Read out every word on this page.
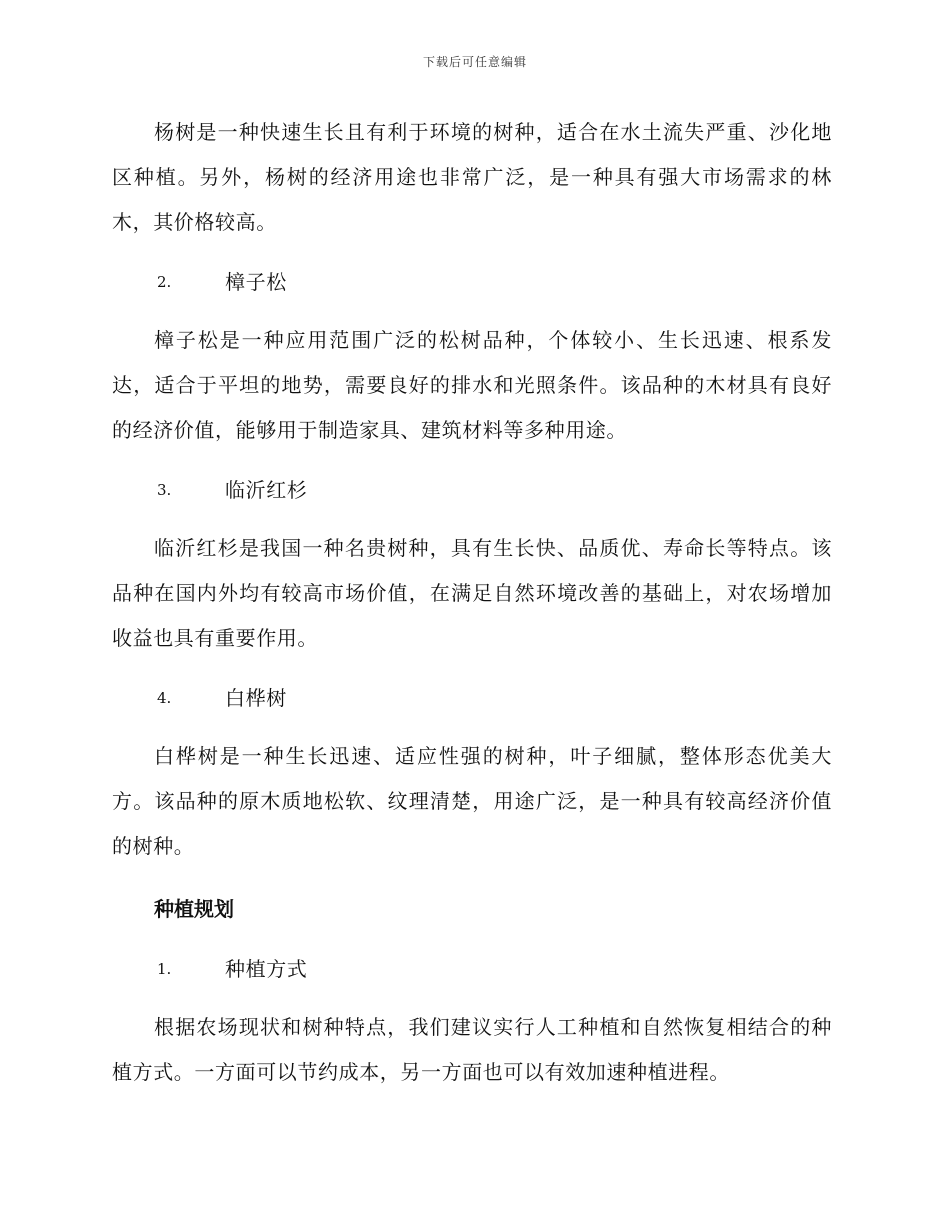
下载后可任意编辑

杨树是一种快速生长且有利于环境的树种，适合在水土流失严重、沙化地区种植。另外，杨树的经济用途也非常广泛，是一种具有强大市场需求的林木，其价格较高。

2.	樟子松

樟子松是一种应用范围广泛的松树品种，个体较小、生长迅速、根系发达，适合于平坦的地势，需要良好的排水和光照条件。该品种的木材具有良好的经济价值，能够用于制造家具、建筑材料等多种用途。

3.	临沂红杉

临沂红杉是我国一种名贵树种，具有生长快、品质优、寿命长等特点。该品种在国内外均有较高市场价值，在满足自然环境改善的基础上，对农场增加收益也具有重要作用。

4.	白桦树

白桦树是一种生长迅速、适应性强的树种，叶子细腻，整体形态优美大方。该品种的原木质地松软、纹理清楚，用途广泛，是一种具有较高经济价值的树种。

种植规划
1.	种植方式

根据农场现状和树种特点，我们建议实行人工种植和自然恢复相结合的种植方式。一方面可以节约成本，另一方面也可以有效加速种植进程。
